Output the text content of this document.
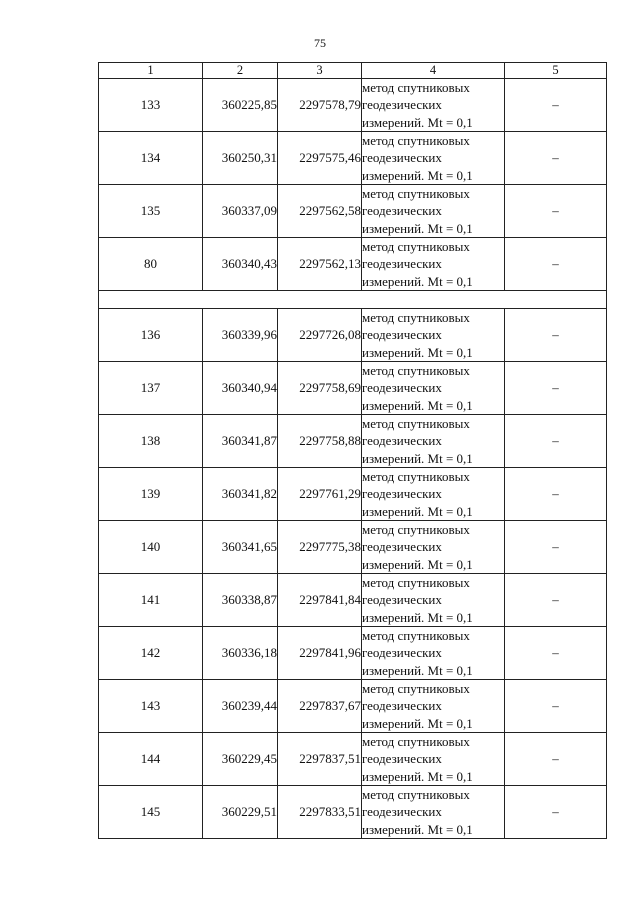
75
1	2	3	4	5
133	360225,85	2297578,79	метод спутниковых
геодезических
измерений. Mt = 0,1	–
134	360250,31	2297575,46	метод спутниковых
геодезических
измерений. Mt = 0,1	–
135	360337,09	2297562,58	метод спутниковых
геодезических
измерений. Mt = 0,1	–
80	360340,43	2297562,13	метод спутниковых
геодезических
измерений. Mt = 0,1	–

136	360339,96	2297726,08	метод спутниковых
геодезических
измерений. Mt = 0,1	–
137	360340,94	2297758,69	метод спутниковых
геодезических
измерений. Mt = 0,1	–
138	360341,87	2297758,88	метод спутниковых
геодезических
измерений. Mt = 0,1	–
139	360341,82	2297761,29	метод спутниковых
геодезических
измерений. Mt = 0,1	–
140	360341,65	2297775,38	метод спутниковых
геодезических
измерений. Mt = 0,1	–
141	360338,87	2297841,84	метод спутниковых
геодезических
измерений. Mt = 0,1	–
142	360336,18	2297841,96	метод спутниковых
геодезических
измерений. Mt = 0,1	–
143	360239,44	2297837,67	метод спутниковых
геодезических
измерений. Mt = 0,1	–
144	360229,45	2297837,51	метод спутниковых
геодезических
измерений. Mt = 0,1	–
145	360229,51	2297833,51	метод спутниковых
геодезических
измерений. Mt = 0,1	–
